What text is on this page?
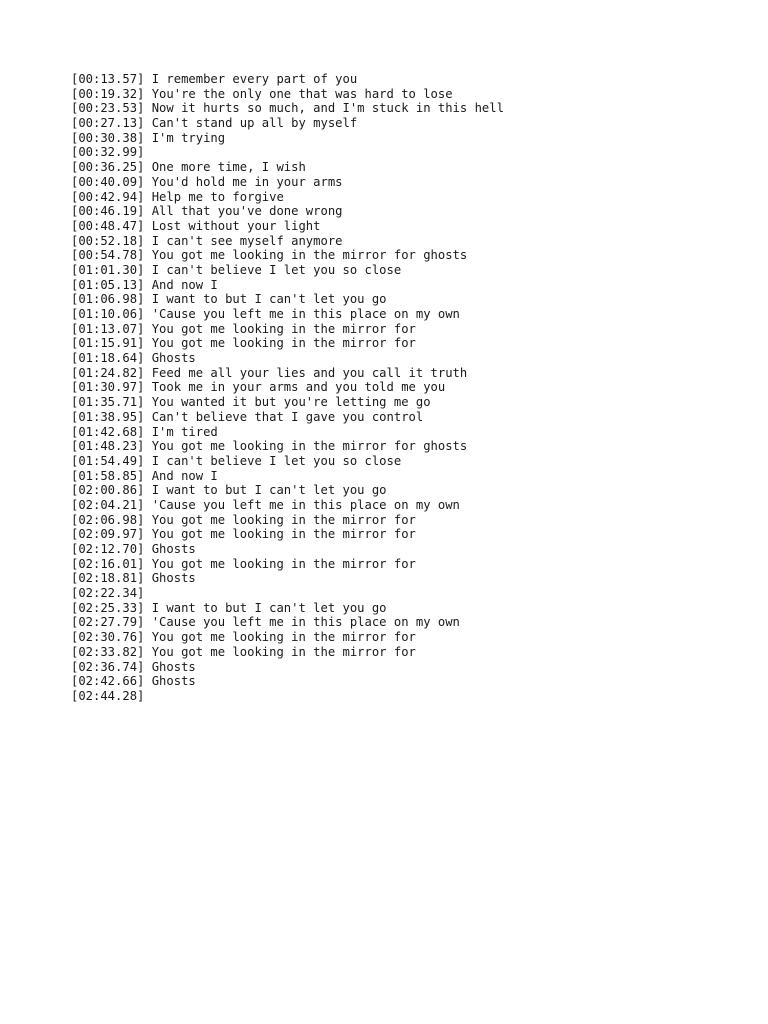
[00:13.57]
I remember every part of you
[00:19.32]
You're the only one that was hard to lose
[00:23.53]
Now it hurts so much, and I'm stuck in this hell
[00:27.13]
Can't stand up all by myself
[00:30.38]
I'm trying
[00:32.99]

[00:36.25]
One more time, I wish
[00:40.09]
You'd hold me in your arms
[00:42.94]
Help me to forgive
[00:46.19]
All that you've done wrong
[00:48.47]
Lost without your light
[00:52.18]
I can't see myself anymore
[00:54.78]
You got me looking in the mirror for ghosts
[01:01.30]
I can't believe I let you so close
[01:05.13]
And now I
[01:06.98]
I want to but I can't let you go
[01:10.06]
'Cause you left me in this place on my own
[01:13.07]
You got me looking in the mirror for
[01:15.91]
You got me looking in the mirror for
[01:18.64]
Ghosts
[01:24.82]
Feed me all your lies and you call it truth
[01:30.97]
Took me in your arms and you told me you
[01:35.71]
You wanted it but you're letting me go
[01:38.95]
Can't believe that I gave you control
[01:42.68]
I'm tired
[01:48.23]
You got me looking in the mirror for ghosts
[01:54.49]
I can't believe I let you so close
[01:58.85]
And now I
[02:00.86]
I want to but I can't let you go
[02:04.21]
'Cause you left me in this place on my own
[02:06.98]
You got me looking in the mirror for
[02:09.97]
You got me looking in the mirror for
[02:12.70]
Ghosts
[02:16.01]
You got me looking in the mirror for
[02:18.81]
Ghosts
[02:22.34]

[02:25.33]
I want to but I can't let you go
[02:27.79]
'Cause you left me in this place on my own
[02:30.76]
You got me looking in the mirror for
[02:33.82]
You got me looking in the mirror for
[02:36.74]
Ghosts
[02:42.66]
Ghosts
[02:44.28]
